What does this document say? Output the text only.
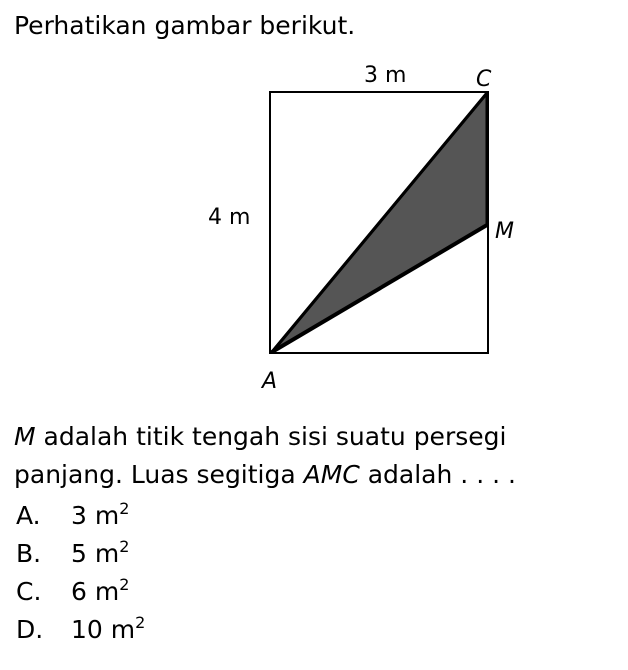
Perhatikan gambar berikut.
3 m
4 m
C
M
A
M adalah titik tengah sisi suatu persegi
panjang. Luas segitiga AMC adalah . . . .
A. 3 $m^2$
B. 5 $m^2$
C. 6 $m^2$
D. 10 $m^2$
